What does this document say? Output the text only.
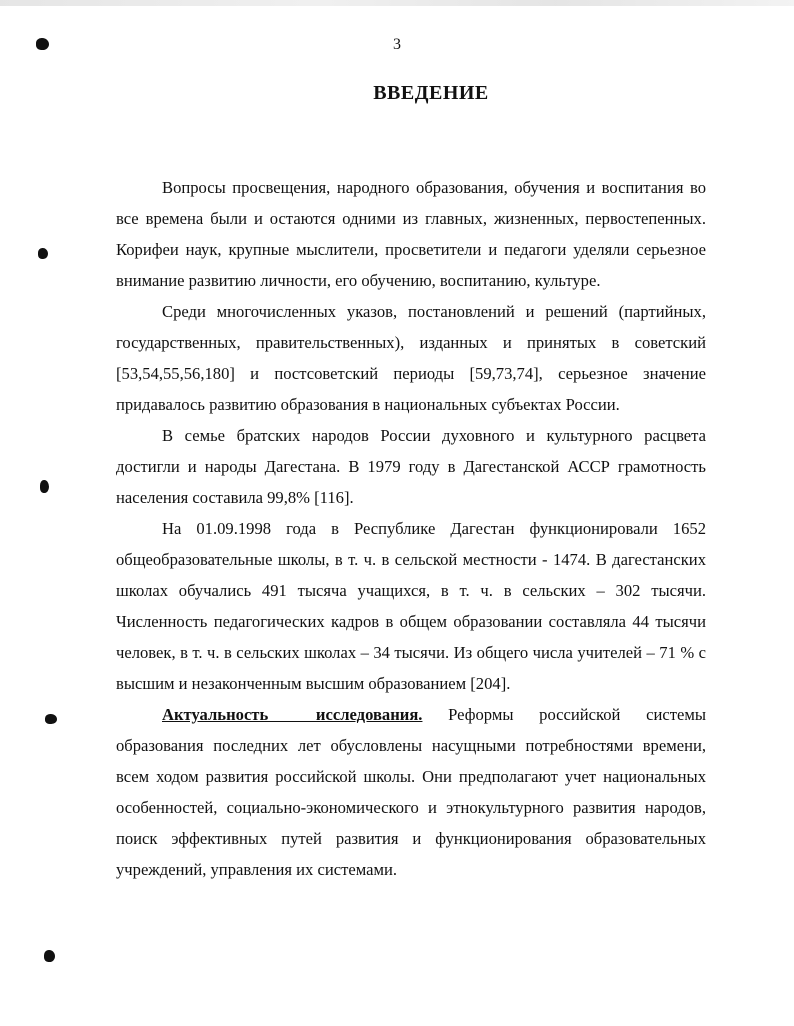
3
ВВЕДЕНИЕ

Вопросы просвещения, народного образования, обучения и воспитания во все времена были и остаются одними из главных, жизненных, первостепенных. Корифеи наук, крупные мыслители, просветители и педагоги уделяли серьезное внимание развитию личности, его обучению, воспитанию, культуре.

Среди многочисленных указов, постановлений и решений (партийных, государственных, правительственных), изданных и принятых в советский [53,54,55,56,180] и постсоветский периоды [59,73,74], серьезное значение придавалось развитию образования в национальных субъектах России.

В семье братских народов России духовного и культурного расцвета достигли и народы Дагестана. В 1979 году в Дагестанской АССР грамотность населения составила 99,8% [116].

На 01.09.1998 года в Республике Дагестан функционировали 1652 общеобразовательные школы, в т. ч. в сельской местности - 1474. В дагестанских школах обучались 491 тысяча учащихся, в т. ч. в сельских – 302 тысячи. Численность педагогических кадров в общем образовании составляла 44 тысячи человек, в т. ч. в сельских школах – 34 тысячи. Из общего числа учителей – 71 % с высшим и незаконченным высшим образованием [204].

Актуальность исследования. Реформы российской системы образования последних лет обусловлены насущными потребностями времени, всем ходом развития российской школы. Они предполагают учет национальных особенностей, социально-экономического и этнокультурного развития народов, поиск эффективных путей развития и функционирования образовательных учреждений, управления их системами.
